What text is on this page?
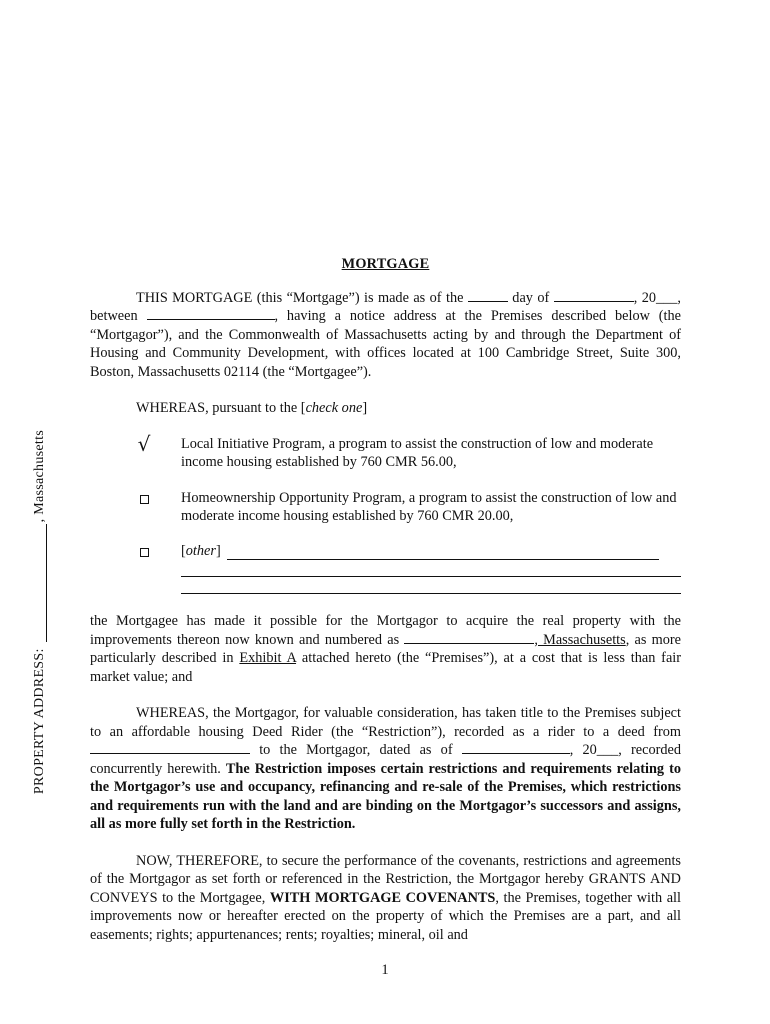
PROPERTY ADDRESS:
, Massachusetts
MORTGAGE

THIS MORTGAGE (this “Mortgage”) is made as of the	day of	, 20___, between	, having a notice address at the Premises described below (the “Mortgagor”), and the Commonwealth of Massachusetts acting by and through the Department of Housing and Community Development, with offices located at 100 Cambridge Street, Suite 300, Boston, Massachusetts 02114 (the “Mortgagee”).

WHEREAS, pursuant to the [check one]

√ Local Initiative Program, a program to assist the construction of low and moderate income housing established by 760 CMR 56.00,
Homeownership Opportunity Program, a program to assist the construction of low and moderate income housing established by 760 CMR 20.00,
[ other ]

the Mortgagee has made it possible for the Mortgagor to acquire the real property with the improvements thereon now known and numbered as	, Massachusetts, as more particularly described in Exhibit A attached hereto (the “Premises”), at a cost that is less than fair market value; and

WHEREAS, the Mortgagor, for valuable consideration, has taken title to the Premises subject to an affordable housing Deed Rider (the “Restriction”), recorded as a rider to a deed from  to the Mortgagor, dated as of	, 20___, recorded concurrently herewith. The Restriction imposes certain restrictions and requirements relating to the Mortgagor’s use and occupancy, refinancing and re-sale of the Premises, which restrictions and requirements run with the land and are binding on the Mortgagor’s successors and assigns, all as more fully set forth in the Restriction.

NOW, THEREFORE, to secure the performance of the covenants, restrictions and agreements of the Mortgagor as set forth or referenced in the Restriction, the Mortgagor hereby GRANTS AND CONVEYS to the Mortgagee, WITH MORTGAGE COVENANTS, the Premises, together with all improvements now or hereafter erected on the property of which the Premises are a part, and all easements; rights; appurtenances; rents; royalties; mineral, oil and

1
